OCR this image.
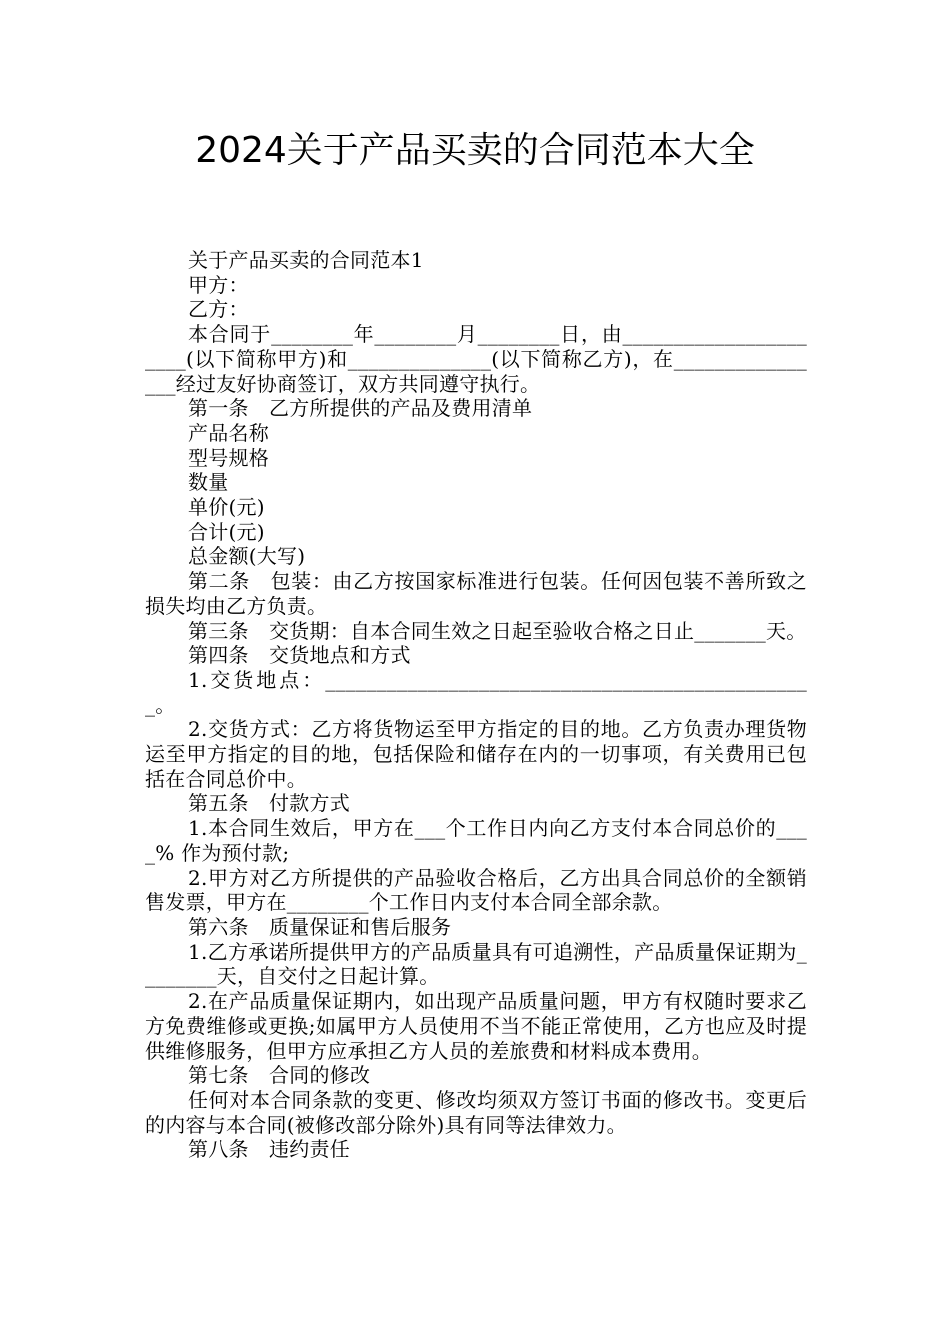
2024关于产品买卖的合同范本大全

关于产品买卖的合同范本1

甲方：

乙方：

本合同于________年________月________日，由______________________(以下简称甲方)和______________(以下简称乙方)，在________________经过友好协商签订，双方共同遵守执行。

第一条　乙方所提供的产品及费用清单

产品名称

型号规格

数量

单价(元)

合计(元)

总金额(大写)

第二条　包装：由乙方按国家标准进行包装。任何因包装不善所致之损失均由乙方负责。

第三条　交货期：自本合同生效之日起至验收合格之日止_______天。

第四条　交货地点和方式

1.交货地点：________________________________________________。

2.交货方式：乙方将货物运至甲方指定的目的地。乙方负责办理货物运至甲方指定的目的地，包括保险和储存在内的一切事项，有关费用已包括在合同总价中。

第五条　付款方式

1.本合同生效后，甲方在___个工作日内向乙方支付本合同总价的____% 作为预付款;

2.甲方对乙方所提供的产品验收合格后，乙方出具合同总价的全额销售发票，甲方在________个工作日内支付本合同全部余款。

第六条　质量保证和售后服务

1.乙方承诺所提供甲方的产品质量具有可追溯性，产品质量保证期为________天，自交付之日起计算。

2.在产品质量保证期内，如出现产品质量问题，甲方有权随时要求乙方免费维修或更换;如属甲方人员使用不当不能正常使用，乙方也应及时提供维修服务，但甲方应承担乙方人员的差旅费和材料成本费用。

第七条　合同的修改

任何对本合同条款的变更、修改均须双方签订书面的修改书。变更后的内容与本合同(被修改部分除外)具有同等法律效力。

第八条　违约责任
